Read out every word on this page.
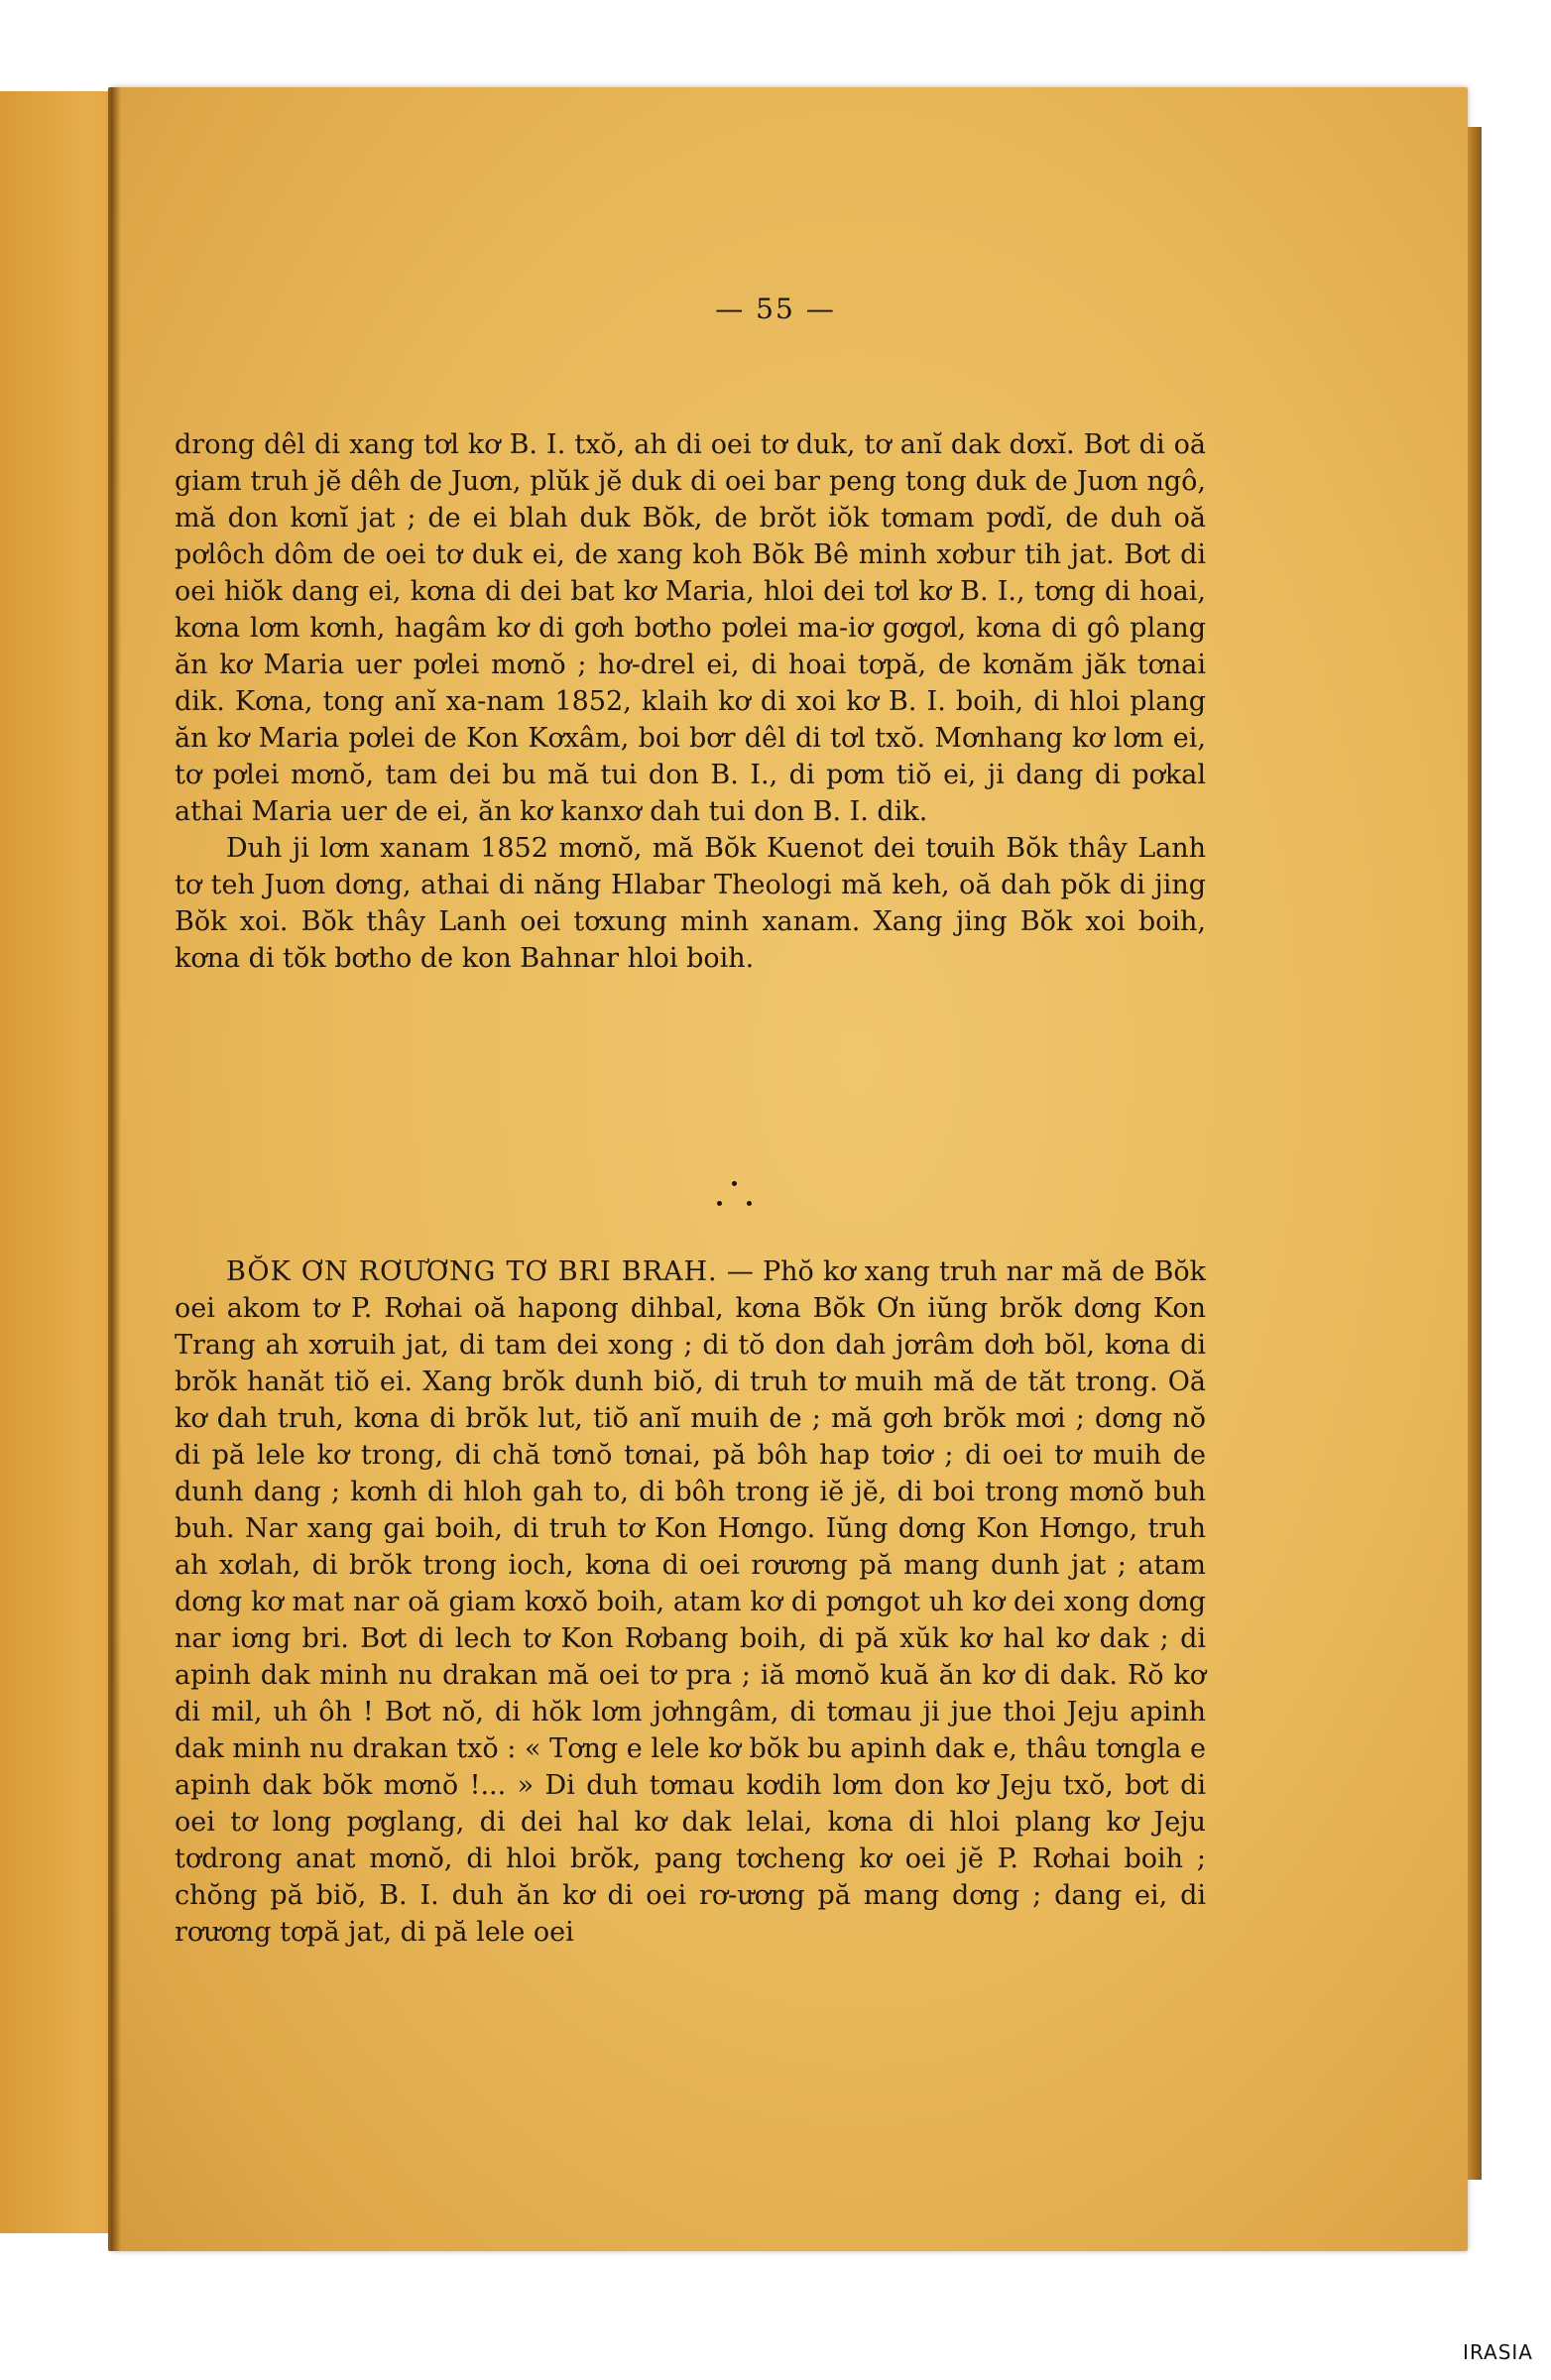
— 55 —

drong dêl di xang tơl kơ B. I. txŏ, ah di oei tơ duk, tơ anĭ dak dơxĭ. Bơt di oă giam truh jĕ dêh de Juơn, plŭk jĕ duk di oei bar peng tong duk de Juơn ngô, mă don kơnĭ jat ; de ei blah duk Bŏk, de brŏt iŏk tơmam pơdĭ, de duh oă pơlôch dôm de oei tơ duk ei, de xang koh Bŏk Bê minh xơbur tih jat. Bơt di oei hiŏk dang ei, kơna di dei bat kơ Maria, hloi dei tơl kơ B. I., tơng di hoai, kơna lơm kơnh, hagâm kơ di gơh bơtho pơlei ma-iơ gơgơl, kơna di gô plang ăn kơ Maria uer pơlei mơnŏ ; hơ-drel ei, di hoai tơpă, de kơnăm jăk tơnai dik. Kơna, tong anĭ xa-nam 1852, klaih kơ di xoi kơ B. I. boih, di hloi plang ăn kơ Maria pơlei de Kon Kơxâm, boi bơr dêl di tơl txŏ. Mơnhang kơ lơm ei, tơ pơlei mơnŏ, tam dei bu mă tui don B. I., di pơm tiŏ ei, ji dang di pơkal athai Maria uer de ei, ăn kơ kanxơ dah tui don B. I. dik.

Duh ji lơm xanam 1852 mơnŏ, mă Bŏk Kuenot dei tơuih Bŏk thây Lanh tơ teh Juơn dơng, athai di năng Hlabar Theologi mă keh, oă dah pŏk di jing Bŏk xoi. Bŏk thây Lanh oei tơxung minh xanam. Xang jing Bŏk xoi boih, kơna di tŏk bơtho de kon Bahnar hloi boih.

BŎK ƠN RƠƯƠNG TƠ BRI BRAH. — Phŏ kơ xang truh nar mă de Bŏk oei akom tơ P. Rơhai oă hapong dihbal, kơna Bŏk Ơn iŭng brŏk dơng Kon Trang ah xơruih jat, di tam dei xong ; di tŏ don dah jơrâm dơh bŏl, kơna di brŏk hanăt tiŏ ei. Xang brŏk dunh biŏ, di truh tơ muih mă de tăt trong. Oă kơ dah truh, kơna di brŏk lut, tiŏ anĭ muih de ; mă gơh brŏk mơi ; dơng nŏ di pă lele kơ trong, di chă tơnŏ tơnai, pă bôh hap tơiơ ; di oei tơ muih de dunh dang ; kơnh di hloh gah to, di bôh trong iĕ jĕ, di boi trong mơnŏ buh buh. Nar xang gai boih, di truh tơ Kon Hơngo. Iŭng dơng Kon Hơngo, truh ah xơlah, di brŏk trong ioch, kơna di oei rơương pă mang dunh jat ; atam dơng kơ mat nar oă giam kơxŏ boih, atam kơ di pơngot uh kơ dei xong dơng nar iơng bri. Bơt di lech tơ Kon Rơbang boih, di pă xŭk kơ hal kơ dak ; di apinh dak minh nu drakan mă oei tơ pra ; iă mơnŏ kuă ăn kơ di dak. Rŏ kơ di mil, uh ôh ! Bơt nŏ, di hŏk lơm jơhngâm, di tơmau ji jue thoi Jeju apinh dak minh nu drakan txŏ : « Tơng e lele kơ bŏk bu apinh dak e, thâu tơngla e apinh dak bŏk mơnŏ !... » Di duh tơmau kơdih lơm don kơ Jeju txŏ, bơt di oei tơ long pơglang, di dei hal kơ dak lelai, kơna di hloi plang kơ Jeju tơdrong anat mơnŏ, di hloi brŏk, pang tơcheng kơ oei jĕ P. Rơhai boih ; chŏng pă biŏ, B. I. duh ăn kơ di oei rơ-ương pă mang dơng ; dang ei, di rơương tơpă jat, di pă lele oei

IRASIA
